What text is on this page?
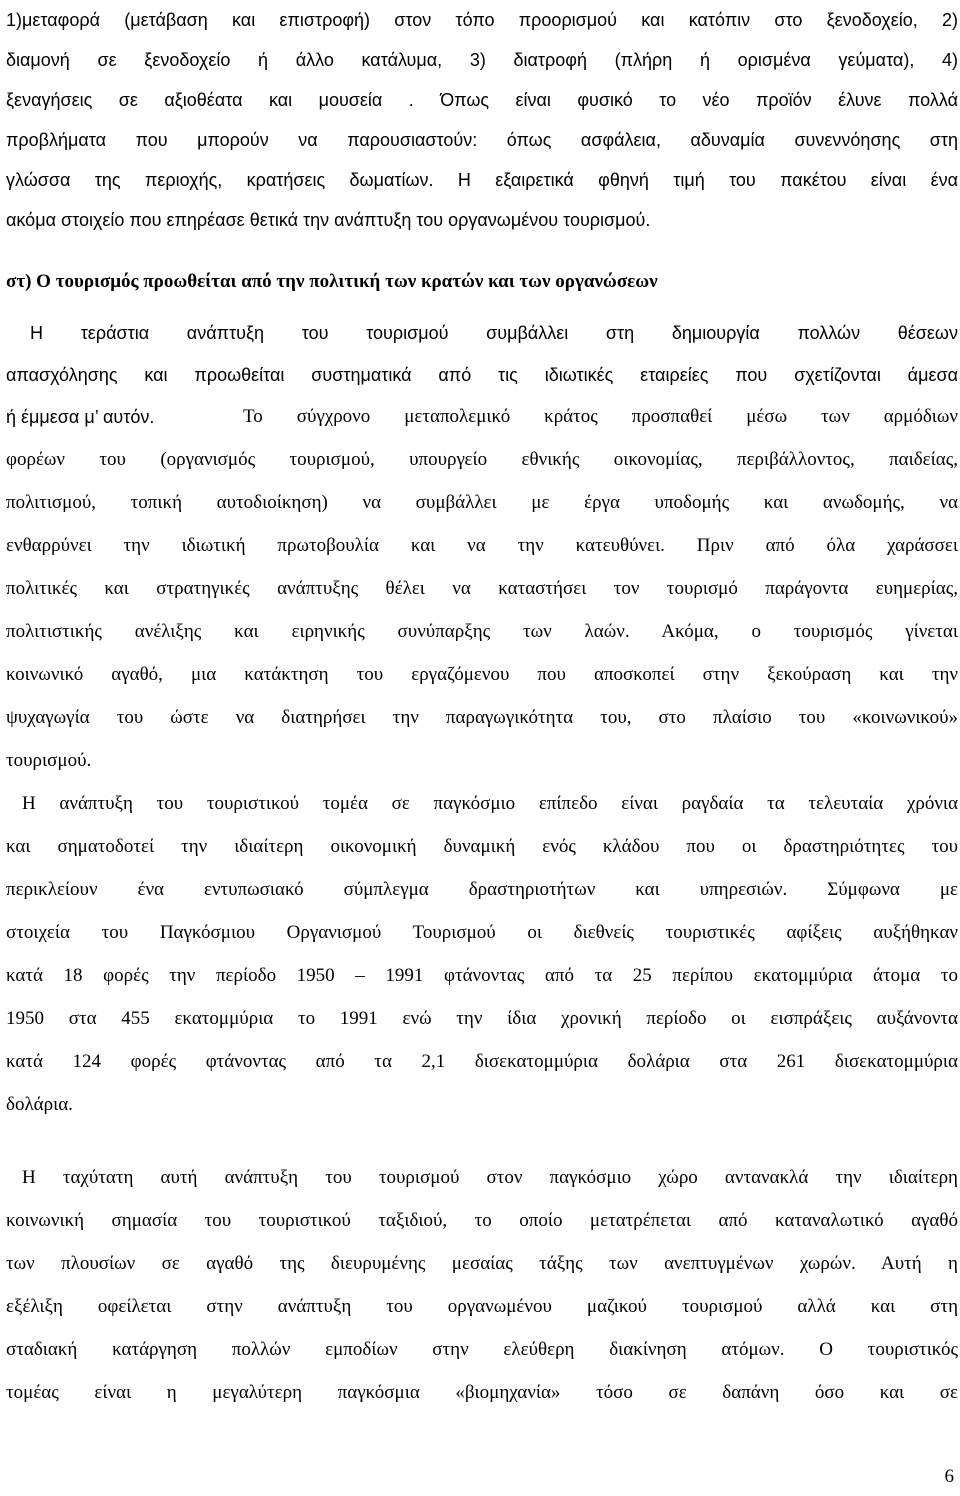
1)μεταφορά (μετάβαση και επιστροφή) στον τόπο προορισμού και κατόπιν στο ξενοδοχείο, 2)
διαμονή σε ξενοδοχείο ή άλλο κατάλυμα, 3) διατροφή (πλήρη ή ορισμένα γεύματα), 4)
ξεναγήσεις σε αξιοθέατα και μουσεία . Όπως είναι φυσικό το νέο προϊόν έλυνε πολλά
προβλήματα που μπορούν να παρουσιαστούν: όπως ασφάλεια, αδυναμία συνεννόησης στη
γλώσσα της περιοχής, κρατήσεις δωματίων. Η εξαιρετικά φθηνή τιμή του πακέτου είναι ένα
ακόμα στοιχείο που επηρέασε θετικά την ανάπτυξη του οργανωμένου τουρισμού.
στ) Ο τουρισμός προωθείται από την πολιτική των κρατών και των οργανώσεων
Η τεράστια ανάπτυξη του τουρισμού συμβάλλει στη δημιουργία πολλών θέσεων
απασχόλησης και προωθείται συστηματικά από τις ιδιωτικές εταιρείες που σχετίζονται άμεσα
ή έμμεσα μ’ αυτόν.	Το σύγχρονο μεταπολεμικό κράτος προσπαθεί μέσω των αρμόδιων
φορέων του (οργανισμός τουρισμού, υπουργείο εθνικής οικονομίας, περιβάλλοντος, παιδείας,
πολιτισμού, τοπική αυτοδιοίκηση) να συμβάλλει με έργα υποδομής και ανωδομής, να
ενθαρρύνει την ιδιωτική πρωτοβουλία και να την κατευθύνει. Πριν από όλα χαράσσει
πολιτικές και στρατηγικές ανάπτυξης θέλει να καταστήσει τον τουρισμό παράγοντα ευημερίας,
πολιτιστικής ανέλιξης και ειρηνικής συνύπαρξης των λαών. Ακόμα, ο τουρισμός γίνεται
κοινωνικό αγαθό, μια κατάκτηση του εργαζόμενου που αποσκοπεί στην ξεκούραση και την
ψυχαγωγία του ώστε να διατηρήσει την παραγωγικότητα του, στο πλαίσιο του «κοινωνικού»
τουρισμού.
Η ανάπτυξη του τουριστικού τομέα σε παγκόσμιο επίπεδο είναι ραγδαία τα τελευταία χρόνια
και σηματοδοτεί την ιδιαίτερη οικονομική δυναμική ενός κλάδου που οι δραστηριότητες του
περικλείουν ένα εντυπωσιακό σύμπλεγμα δραστηριοτήτων και υπηρεσιών. Σύμφωνα με
στοιχεία του Παγκόσμιου Οργανισμού Τουρισμού οι διεθνείς τουριστικές αφίξεις αυξήθηκαν
κατά 18 φορές την περίοδο 1950 – 1991 φτάνοντας από τα 25 περίπου εκατομμύρια άτομα το
1950 στα 455 εκατομμύρια το 1991 ενώ την ίδια χρονική περίοδο οι εισπράξεις αυξάνοντα
κατά 124 φορές φτάνοντας από τα 2,1 δισεκατομμύρια δολάρια στα 261 δισεκατομμύρια
δολάρια.
Η ταχύτατη αυτή ανάπτυξη του τουρισμού στον παγκόσμιο χώρο αντανακλά την ιδιαίτερη
κοινωνική σημασία του τουριστικού ταξιδιού, το οποίο μετατρέπεται από καταναλωτικό αγαθό
των πλουσίων σε αγαθό της διευρυμένης μεσαίας τάξης των ανεπτυγμένων χωρών. Αυτή η
εξέλιξη οφείλεται στην ανάπτυξη του οργανωμένου μαζικού τουρισμού αλλά και στη
σταδιακή κατάργηση πολλών εμποδίων στην ελεύθερη διακίνηση ατόμων. Ο τουριστικός
τομέας είναι η μεγαλύτερη παγκόσμια «βιομηχανία» τόσο σε δαπάνη όσο και σε
6
